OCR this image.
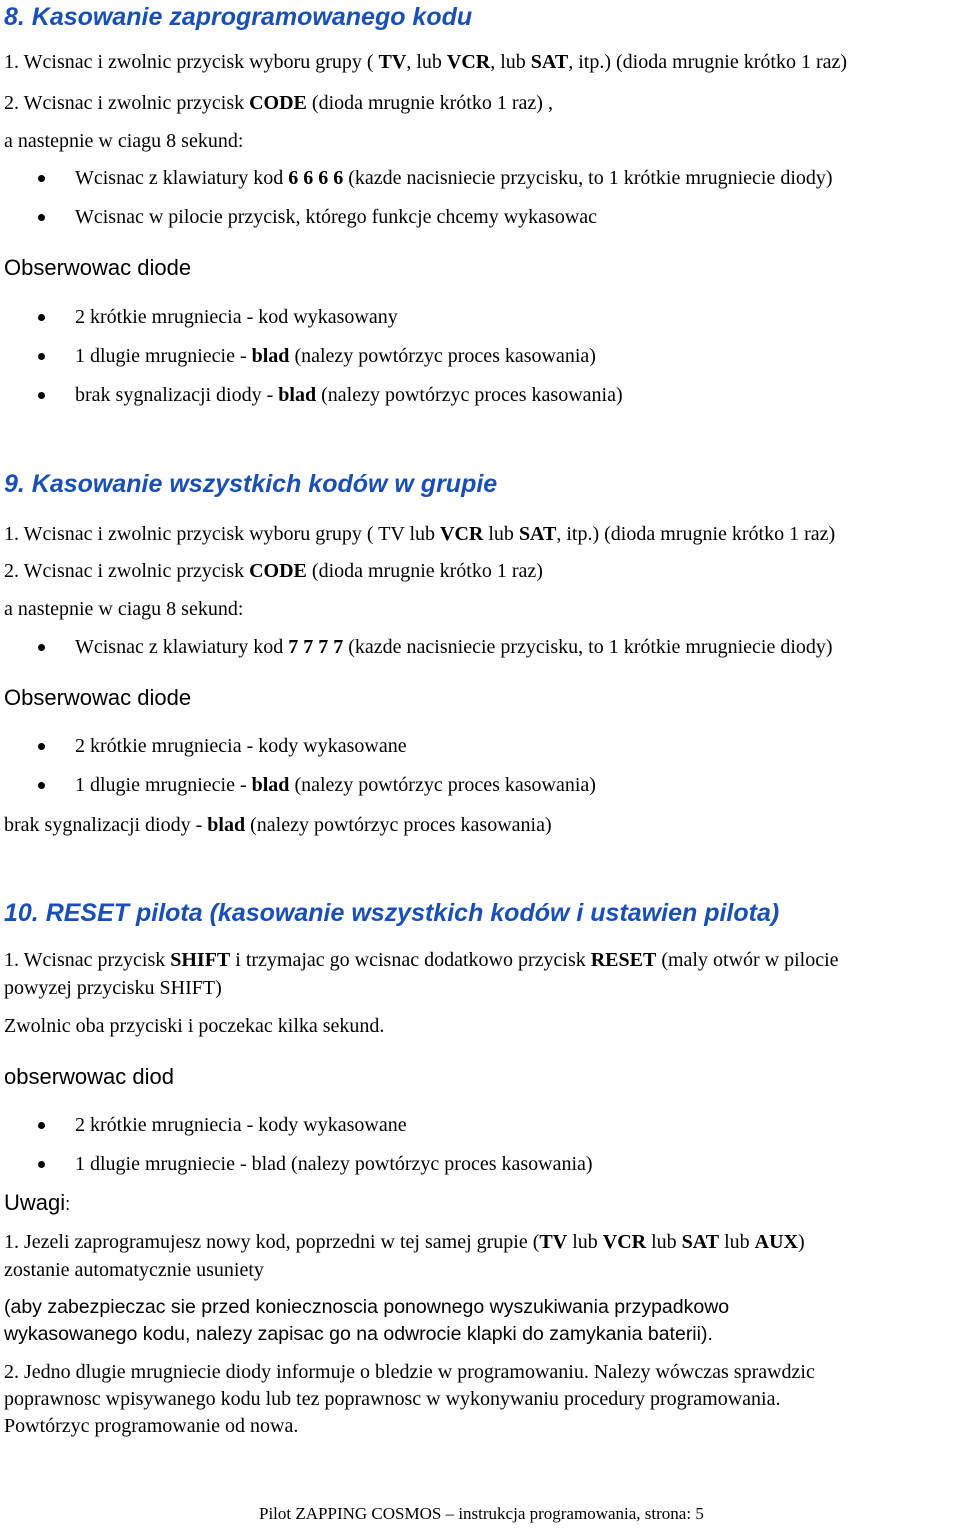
8. Kasowanie zaprogramowanego kodu
1. Wcisnac i zwolnic przycisk wyboru grupy ( TV, lub VCR, lub SAT, itp.) (dioda mrugnie krótko 1 raz)
2. Wcisnac i zwolnic przycisk CODE (dioda mrugnie krótko 1 raz) ,
a nastepnie w ciagu 8 sekund:
Wcisnac z klawiatury kod 6 6 6 6 (kazde nacisniecie przycisku, to 1 krótkie mrugniecie diody)
Wcisnac w pilocie przycisk, którego funkcje chcemy wykasowac
Obserwowac diode
2 krótkie mrugniecia - kod wykasowany
1 dlugie mrugniecie - blad (nalezy powtórzyc proces kasowania)
brak sygnalizacji diody - blad (nalezy powtórzyc proces kasowania)
9. Kasowanie wszystkich kodów w grupie
1. Wcisnac i zwolnic przycisk wyboru grupy ( TV lub VCR lub SAT, itp.) (dioda mrugnie krótko 1 raz)
2. Wcisnac i zwolnic przycisk CODE (dioda mrugnie krótko 1 raz)
a nastepnie w ciagu 8 sekund:
Wcisnac z klawiatury kod 7 7 7 7 (kazde nacisniecie przycisku, to 1 krótkie mrugniecie diody)
Obserwowac diode
2 krótkie mrugniecia - kody wykasowane
1 dlugie mrugniecie - blad (nalezy powtórzyc proces kasowania)
brak sygnalizacji diody - blad (nalezy powtórzyc proces kasowania)
10. RESET pilota (kasowanie wszystkich kodów i ustawien pilota)
1. Wcisnac przycisk SHIFT i trzymajac go wcisnac dodatkowo przycisk RESET (maly otwór w pilocie
powyzej przycisku SHIFT)
Zwolnic oba przyciski i poczekac kilka sekund.
obserwowac diod
2 krótkie mrugniecia - kody wykasowane
1 dlugie mrugniecie - blad (nalezy powtórzyc proces kasowania)
Uwagi:
1. Jezeli zaprogramujesz nowy kod, poprzedni w tej samej grupie (TV lub VCR lub SAT lub AUX)
zostanie automatycznie usuniety
(aby zabezpieczac sie przed koniecznoscia ponownego wyszukiwania przypadkowo
wykasowanego kodu, nalezy zapisac go na odwrocie klapki do zamykania baterii).
2. Jedno dlugie mrugniecie diody informuje o bledzie w programowaniu. Nalezy wówczas sprawdzic
poprawnosc wpisywanego kodu lub tez poprawnosc w wykonywaniu procedury programowania.
Powtórzyc programowanie od nowa.
Pilot ZAPPING COSMOS – instrukcja programowania, strona: 5
